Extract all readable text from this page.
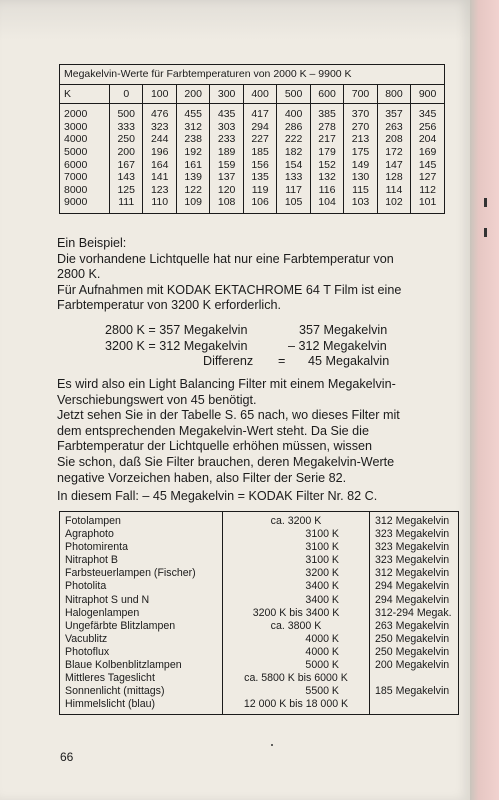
Megakelvin-Werte für Farbtemperaturen von 2000 K – 9900 K										
K	0	100	200	300	400	500	600	700	800	900
2000	500	476	455	435	417	400	385	370	357	345
3000	333	323	312	303	294	286	278	270	263	256
4000	250	244	238	233	227	222	217	213	208	204
5000	200	196	192	189	185	182	179	175	172	169
6000	167	164	161	159	156	154	152	149	147	145
7000	143	141	139	137	135	133	132	130	128	127
8000	125	123	122	120	119	117	116	115	114	112
9000	111	110	109	108	106	105	104	103	102	101

Ein Beispiel:
Die vorhandene Lichtquelle hat nur eine Farbtemperatur von
2800 K.
Für Aufnahmen mit KODAK EKTACHROME 64 T Film ist eine
Farbtemperatur von 3200 K erforderlich.

2800 K = 357 Megakelvin	357 Megakelvin
3200 K = 312 Megakelvin	– 312 Megakelvin
Differenz = 45 Megakalvin

Es wird also ein Light Balancing Filter mit einem Megakelvin-
Verschiebungswert von 45 benötigt.
Jetzt sehen Sie in der Tabelle S. 65 nach, wo dieses Filter mit
dem entsprechenden Megakelvin-Wert steht. Da Sie die
Farbtemperatur der Lichtquelle erhöhen müssen, wissen
Sie schon, daß Sie Filter brauchen, deren Megakelvin-Werte
negative Vorzeichen haben, also Filter der Serie 82.

In diesem Fall: – 45 Megakelvin = KODAK Filter Nr. 82 C.

Fotolampen	ca. 3200 K	312 Megakelvin
Agraphoto	3100 K	323 Megakelvin
Photomirenta	3100 K	323 Megakelvin
Nitraphot B	3100 K	323 Megakelvin
Farbsteuerlampen (Fischer)	3200 K	312 Megakelvin
Photolita	3400 K	294 Megakelvin
Nitraphot S und N	3400 K	294 Megakelvin
Halogenlampen	3200 K bis 3400 K	312-294 Megak.
Ungefärbte Blitzlampen	ca. 3800 K	263 Megakelvin
Vacublitz	4000 K	250 Megakelvin
Photoflux	4000 K	250 Megakelvin
Blaue Kolbenblitzlampen	5000 K	200 Megakelvin
Mittleres Tageslicht	ca. 5800 K bis 6000 K	
Sonnenlicht (mittags)	5500 K	185 Megakelvin
Himmelslicht (blau)	12 000 K bis 18 000 K	
66
